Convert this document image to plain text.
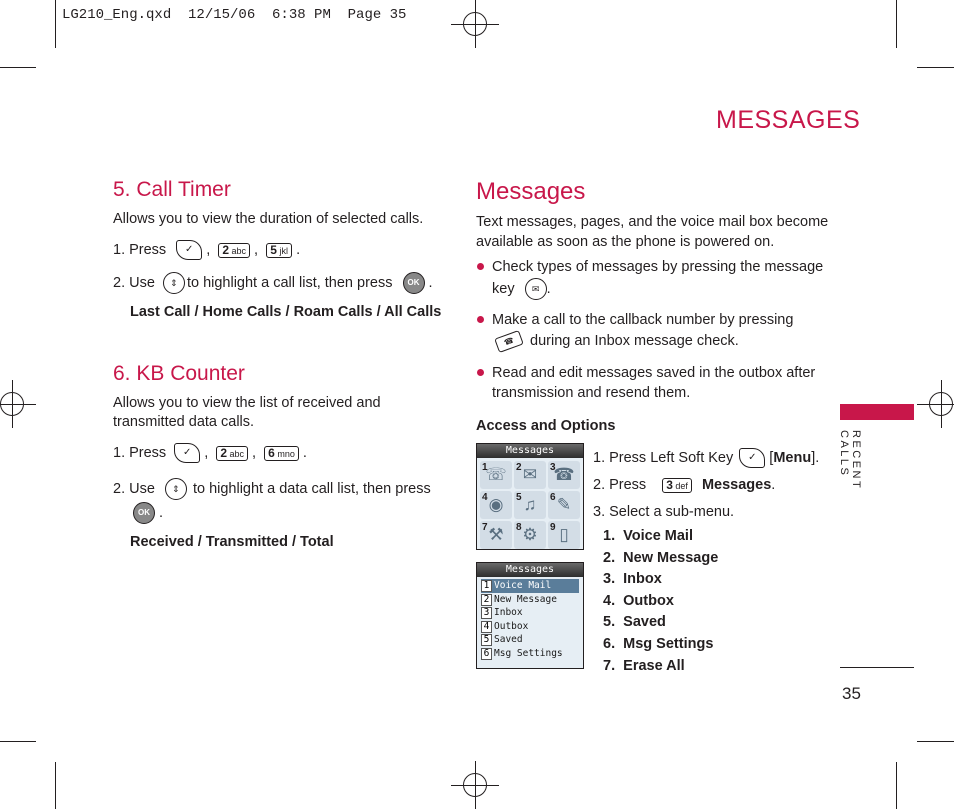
LG210_Eng.qxd  12/15/06  6:38 PM  Page 35
MESSAGES
RECENT CALLS
35
5. Call Timer
Allows you to view the duration of selected calls.
1. Press ✓ , 2 abc , 5 jkl .
2. Use ⇕ to highlight a call list, then press OK .
Last Call / Home Calls / Roam Calls / All Calls
6. KB Counter
Allows you to view the list of received and
transmitted data calls.
1. Press ✓ , 2 abc , 6 mno .
2. Use ⇕ to highlight a data call list, then press
OK .
Received / Transmitted / Total
Messages
Text messages, pages, and the voice mail box become
available as soon as the phone is powered on.
Check types of messages by pressing the message
key ✉ .
Make a call to the callback number by pressing
☎ during an Inbox message check.
Read and edit messages saved in the outbox after
transmission and resend them.
Access and Options
Messages
1
☏ 2 ✉ 3
☎
4 ◉ 5 ♫ 6 ✎
7 ⚒ 8 ⚙ 9 ▯
Messages
1 Voice Mail
2 New Message
3 Inbox
4 Outbox
5 Saved
6 Msg Settings
1. Press Left Soft Key ✓ [Menu].
2. Press 3 def Messages.
3. Select a sub-menu.
1. Voice Mail
2. New Message
3. Inbox
4. Outbox
5. Saved
6. Msg Settings
7. Erase All
